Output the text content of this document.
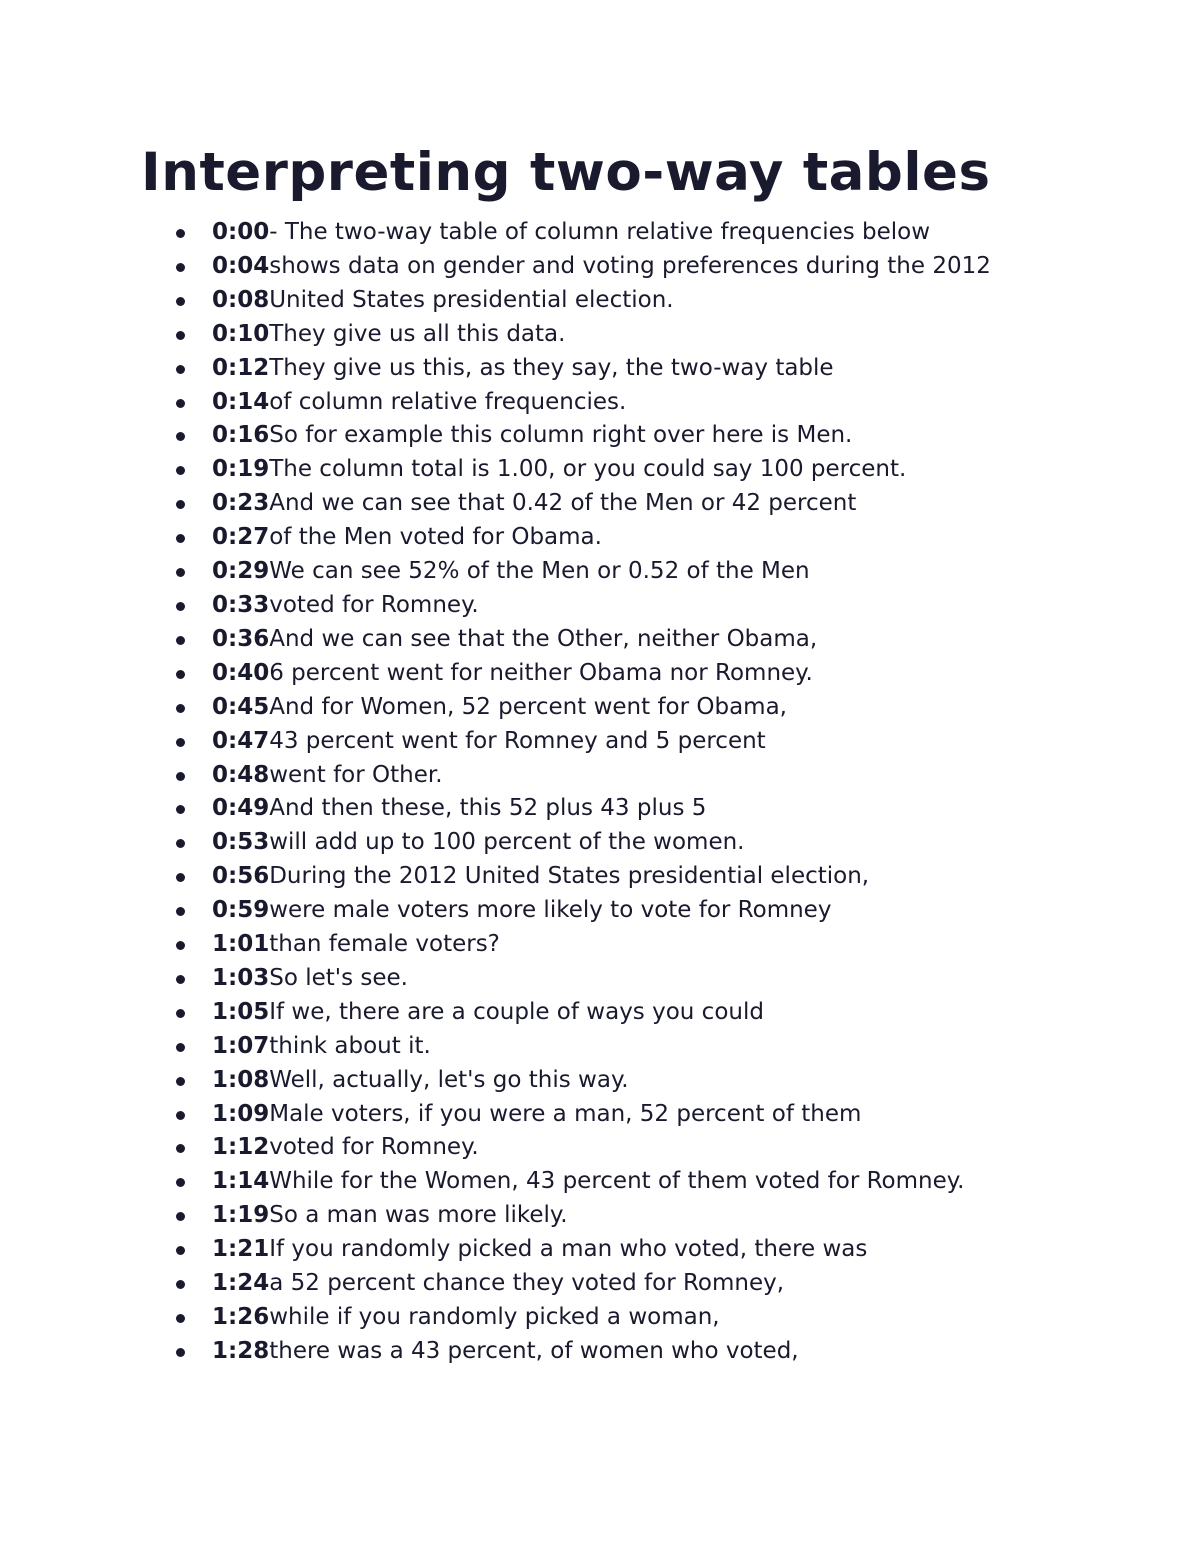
Interpreting two-way tables
0:00- The two-way table of column relative frequencies below
0:04shows data on gender and voting preferences during the 2012
0:08United States presidential election.
0:10They give us all this data.
0:12They give us this, as they say, the two-way table
0:14of column relative frequencies.
0:16So for example this column right over here is Men.
0:19The column total is 1.00, or you could say 100 percent.
0:23And we can see that 0.42 of the Men or 42 percent
0:27of the Men voted for Obama.
0:29We can see 52% of the Men or 0.52 of the Men
0:33voted for Romney.
0:36And we can see that the Other, neither Obama,
0:406 percent went for neither Obama nor Romney.
0:45And for Women, 52 percent went for Obama,
0:4743 percent went for Romney and 5 percent
0:48went for Other.
0:49And then these, this 52 plus 43 plus 5
0:53will add up to 100 percent of the women.
0:56During the 2012 United States presidential election,
0:59were male voters more likely to vote for Romney
1:01than female voters?
1:03So let's see.
1:05If we, there are a couple of ways you could
1:07think about it.
1:08Well, actually, let's go this way.
1:09Male voters, if you were a man, 52 percent of them
1:12voted for Romney.
1:14While for the Women, 43 percent of them voted for Romney.
1:19So a man was more likely.
1:21If you randomly picked a man who voted, there was
1:24a 52 percent chance they voted for Romney,
1:26while if you randomly picked a woman,
1:28there was a 43 percent, of women who voted,
